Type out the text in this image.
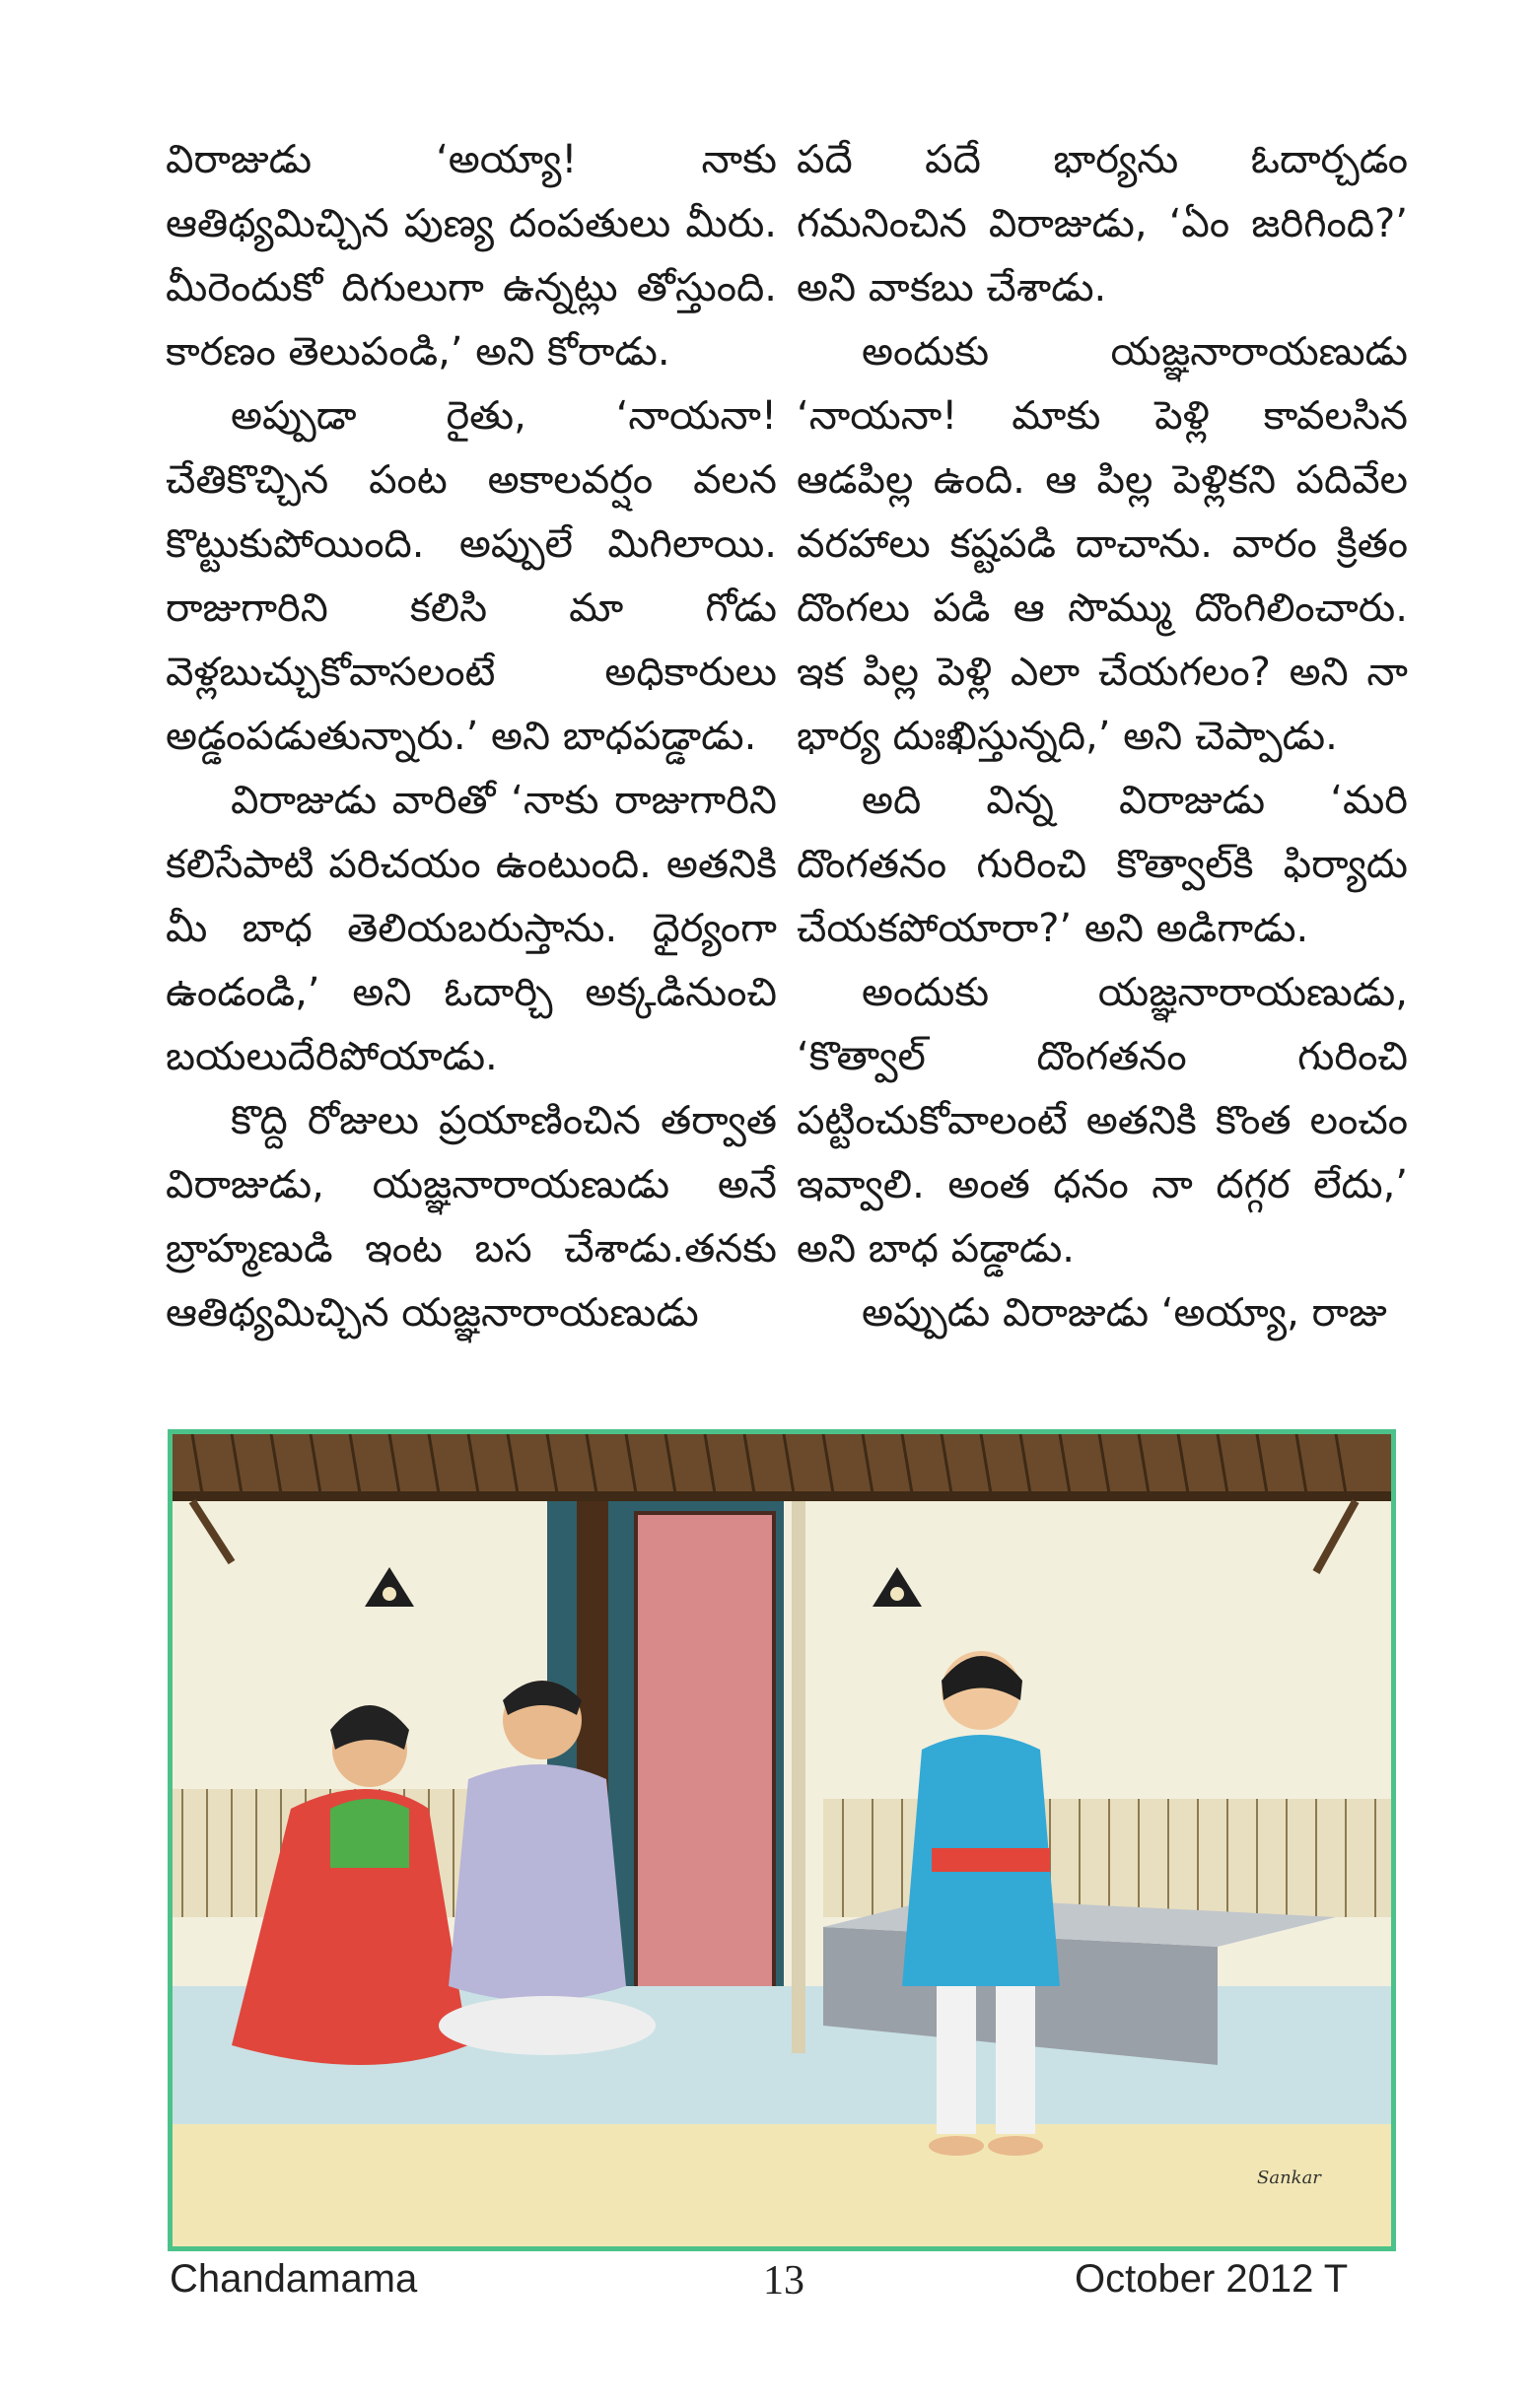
విరాజుడు ‘అయ్యా! నాకు ఆతిథ్యమిచ్చిన పుణ్య దంపతులు మీరు. మీరెందుకో దిగులుగా ఉన్నట్లు తోస్తుంది. కారణం తెలుపండి,’ అని కోరాడు.

అప్పుడా రైతు, ‘నాయనా! చేతికొచ్చిన పంట అకాలవర్షం వలన కొట్టుకుపోయింది. అప్పులే మిగిలాయి. రాజుగారిని కలిసి మా గోడు వెళ్లబుచ్చుకోవాసలంటే అధికారులు అడ్డంపడుతున్నారు.’ అని బాధపడ్డాడు.

విరాజుడు వారితో ‘నాకు రాజుగారిని కలిసేపాటి పరిచయం ఉంటుంది. అతనికి మీ బాధ తెలియబరుస్తాను. ధైర్యంగా ఉండండి,’ అని ఓదార్చి అక్కడినుంచి బయలుదేరిపోయాడు.

కొద్ది రోజులు ప్రయాణించిన తర్వాత విరాజుడు, యజ్ఞనారాయణుడు అనే బ్రాహ్మణుడి ఇంట బస చేశాడు.తనకు ఆతిథ్యమిచ్చిన యజ్ఞనారాయణుడు

పదే పదే భార్యను ఓదార్చడం గమనించిన విరాజుడు, ‘ఏం జరిగింది?’ అని వాకబు చేశాడు.

అందుకు యజ్ఞనారాయణుడు ‘నాయనా! మాకు పెళ్లి కావలసిన ఆడపిల్ల ఉంది. ఆ పిల్ల పెళ్లికని పదివేల వరహాలు కష్టపడి దాచాను. వారం క్రితం దొంగలు పడి ఆ సొమ్ము దొంగిలించారు. ఇక పిల్ల పెళ్లి ఎలా చేయగలం? అని నా భార్య దుఃఖిస్తున్నది,’ అని చెప్పాడు.

అది విన్న విరాజుడు ‘మరి దొంగతనం గురించి కొత్వాల్‌కి ఫిర్యాదు చేయకపోయారా?’ అని అడిగాడు.

అందుకు యజ్ఞనారాయణుడు, ‘కొత్వాల్ దొంగతనం గురించి పట్టించుకోవాలంటే అతనికి కొంత లంచం ఇవ్వాలి. అంత ధనం నా దగ్గర లేదు,’ అని బాధ పడ్డాడు.

అప్పుడు విరాజుడు ‘అయ్యా, రాజు

Sankar
Chandamama	13	October 2012 T
